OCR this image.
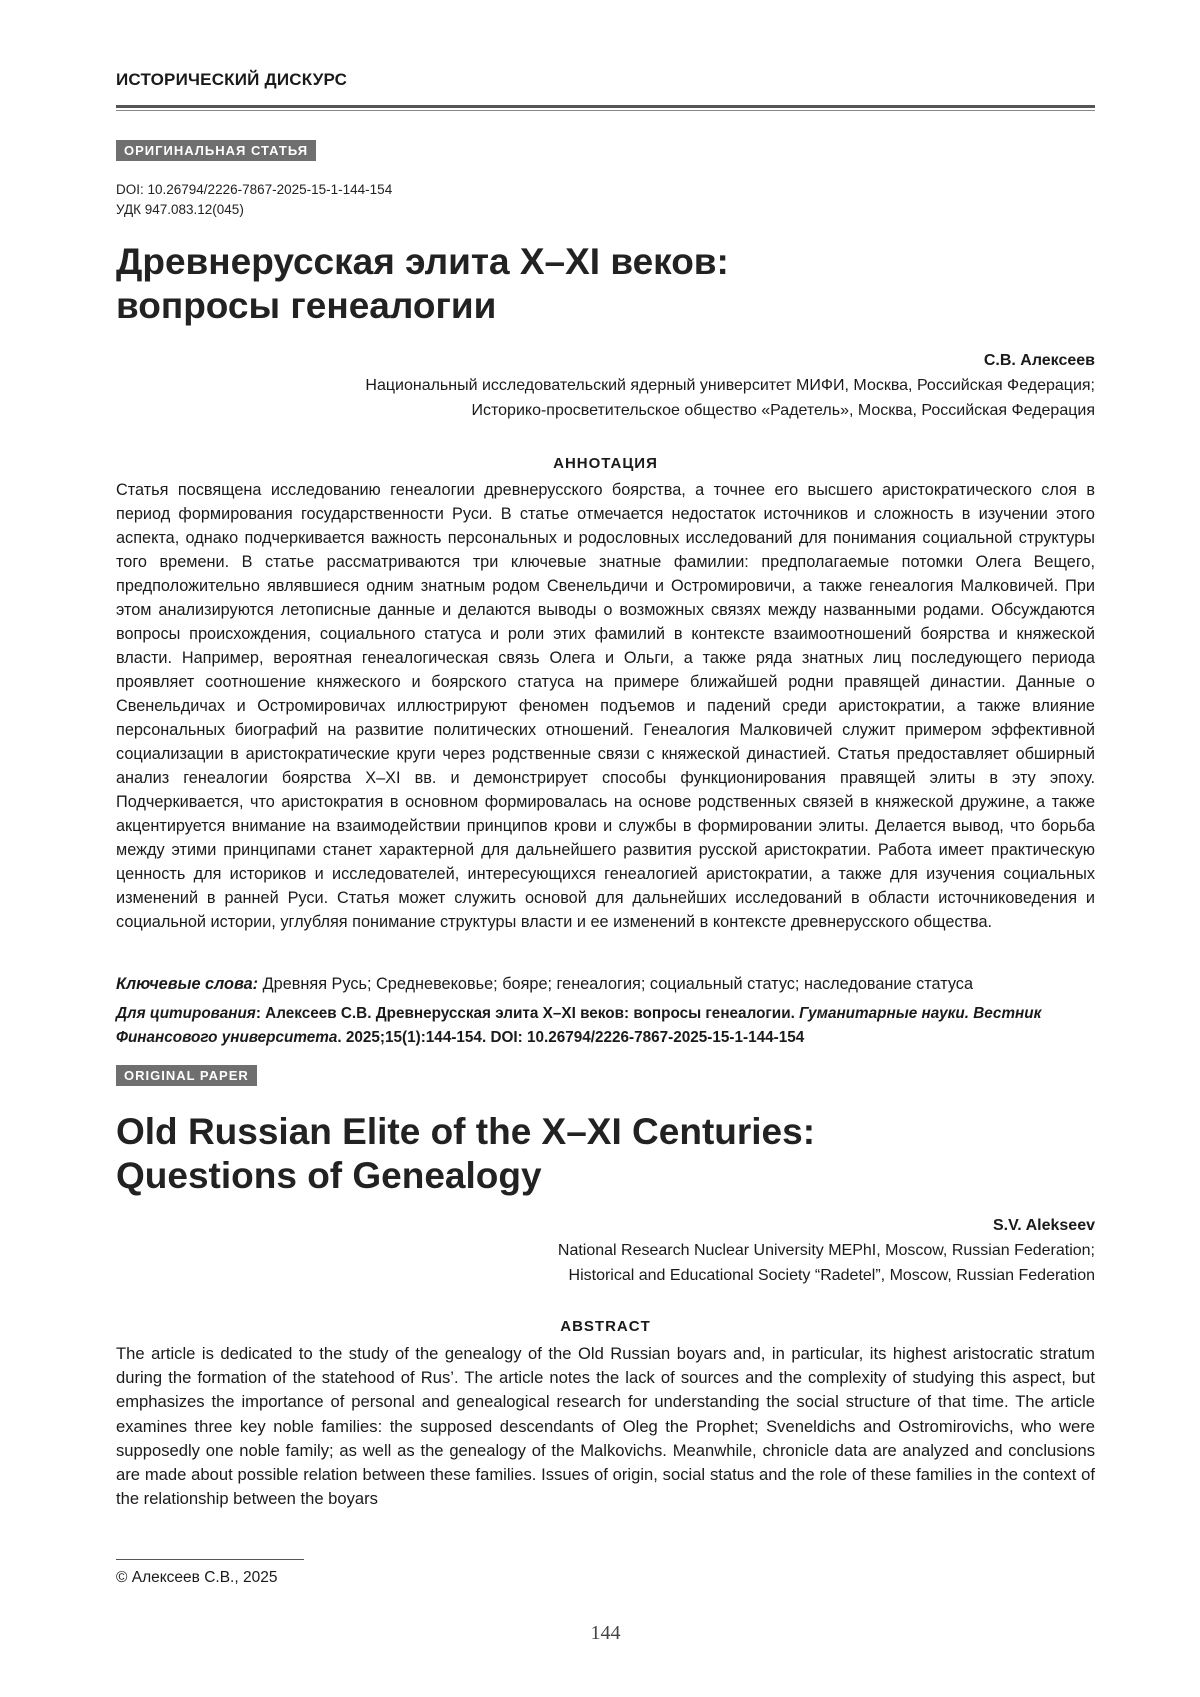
ИСТОРИЧЕСКИЙ ДИСКУРС
ОРИГИНАЛЬНАЯ СТАТЬЯ
DOI: 10.26794/2226-7867-2025-15-1-144-154
УДК 947.083.12(045)
Древнерусская элита X–XI веков:
вопросы генеалогии
С.В. Алексеев
Национальный исследовательский ядерный университет МИФИ, Москва, Российская Федерация;
Историко-просветительское общество «Радетель», Москва, Российская Федерация
АННОТАЦИЯ

Статья посвящена исследованию генеалогии древнерусского боярства, а точнее его высшего аристократического слоя в период формирования государственности Руси. В статье отмечается недостаток источников и сложность в изучении этого аспекта, однако подчеркивается важность персональных и родословных исследований для понимания социальной структуры того времени. В статье рассматриваются три ключевые знатные фамилии: предполагаемые потомки Олега Вещего, предположительно являвшиеся одним знатным родом Свенельдичи и Остромировичи, а также генеалогия Малковичей. При этом анализируются летописные данные и делаются выводы о возможных связях между названными родами. Обсуждаются вопросы происхождения, социального статуса и роли этих фамилий в контексте взаимоотношений боярства и княжеской власти. Например, вероятная генеалогическая связь Олега и Ольги, а также ряда знатных лиц последующего периода проявляет соотношение княжеского и боярского статуса на примере ближайшей родни правящей династии. Данные о Свенельдичах и Остромировичах иллюстрируют феномен подъемов и падений среди аристократии, а также влияние персональных биографий на развитие политических отношений. Генеалогия Малковичей служит примером эффективной социализации в аристократические круги через родственные связи с княжеской династией. Статья предоставляет обширный анализ генеалогии боярства X–XI вв. и демонстрирует способы функционирования правящей элиты в эту эпоху. Подчеркивается, что аристократия в основном формировалась на основе родственных связей в княжеской дружине, а также акцентируется внимание на взаимодействии принципов крови и службы в формировании элиты. Делается вывод, что борьба между этими принципами станет характерной для дальнейшего развития русской аристократии. Работа имеет практическую ценность для историков и исследователей, интересующихся генеалогией аристократии, а также для изучения социальных изменений в ранней Руси. Статья может служить основой для дальнейших исследований в области источниковедения и социальной истории, углубляя понимание структуры власти и ее изменений в контексте древнерусского общества.

Ключевые слова: Древняя Русь; Средневековье; бояре; генеалогия; социальный статус; наследование статуса
Для цитирования: Алексеев С.В. Древнерусская элита X–XI веков: вопросы генеалогии. Гуманитарные науки. Вестник Финансового университета. 2025;15(1):144-154. DOI: 10.26794/2226-7867-2025-15-1-144-154
ORIGINAL PAPER
Old Russian Elite of the X–XI Centuries:
Questions of Genealogy
S.V. Alekseev
National Research Nuclear University MEPhI, Moscow, Russian Federation;
Historical and Educational Society “Radetel”, Moscow, Russian Federation
ABSTRACT

The article is dedicated to the study of the genealogy of the Old Russian boyars and, in particular, its highest aristocratic stratum during the formation of the statehood of Rus’. The article notes the lack of sources and the complexity of studying this aspect, but emphasizes the importance of personal and genealogical research for understanding the social structure of that time. The article examines three key noble families: the supposed descendants of Oleg the Prophet; Sveneldichs and Ostromirovichs, who were supposedly one noble family; as well as the genealogy of the Malkovichs. Meanwhile, chronicle data are analyzed and conclusions are made about possible relation between these families. Issues of origin, social status and the role of these families in the context of the relationship between the boyars

© Алексеев С.В., 2025
144
